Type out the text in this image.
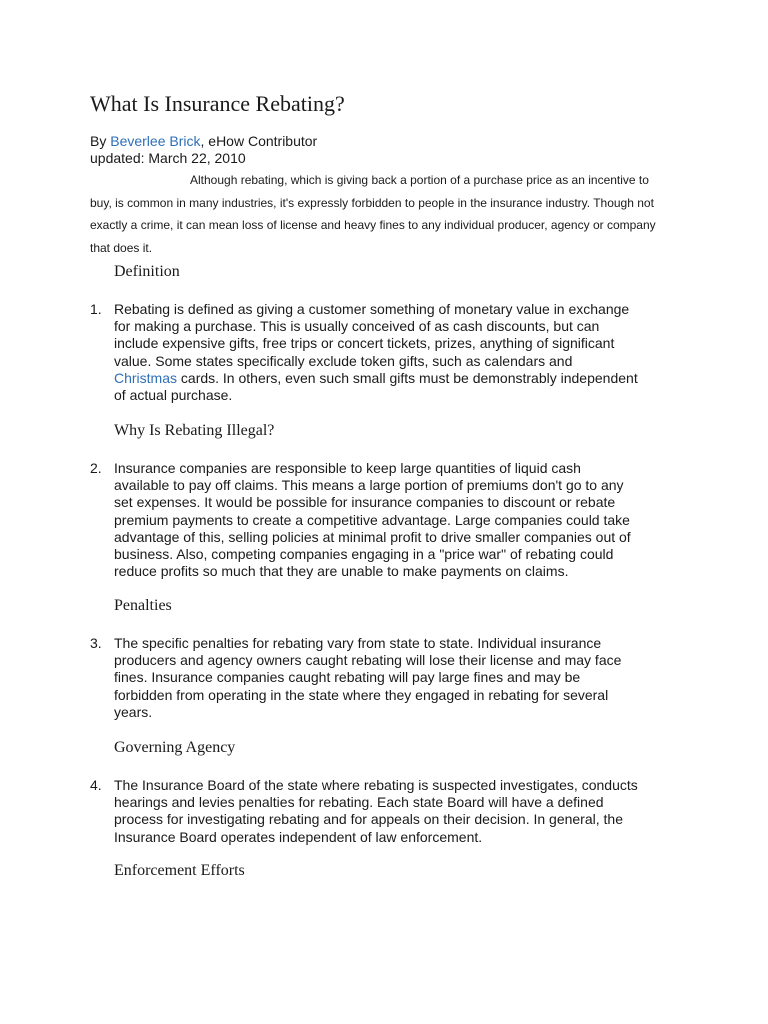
What Is Insurance Rebating?
By Beverlee Brick, eHow Contributor
updated: March 22, 2010

Although rebating, which is giving back a portion of a purchase price as an incentive to buy, is common in many industries, it's expressly forbidden to people in the insurance industry. Though not exactly a crime, it can mean loss of license and heavy fines to any individual producer, agency or company that does it.

Definition
1. Rebating is defined as giving a customer something of monetary value in exchange
for making a purchase. This is usually conceived of as cash discounts, but can
include expensive gifts, free trips or concert tickets, prizes, anything of significant
value. Some states specifically exclude token gifts, such as calendars and
Christmas cards. In others, even such small gifts must be demonstrably independent
of actual purchase.
Why Is Rebating Illegal?
2. Insurance companies are responsible to keep large quantities of liquid cash
available to pay off claims. This means a large portion of premiums don't go to any
set expenses. It would be possible for insurance companies to discount or rebate
premium payments to create a competitive advantage. Large companies could take
advantage of this, selling policies at minimal profit to drive smaller companies out of
business. Also, competing companies engaging in a "price war" of rebating could
reduce profits so much that they are unable to make payments on claims.
Penalties
3. The specific penalties for rebating vary from state to state. Individual insurance
producers and agency owners caught rebating will lose their license and may face
fines. Insurance companies caught rebating will pay large fines and may be
forbidden from operating in the state where they engaged in rebating for several
years.
Governing Agency
4. The Insurance Board of the state where rebating is suspected investigates, conducts
hearings and levies penalties for rebating. Each state Board will have a defined
process for investigating rebating and for appeals on their decision. In general, the
Insurance Board operates independent of law enforcement.
Enforcement Efforts
